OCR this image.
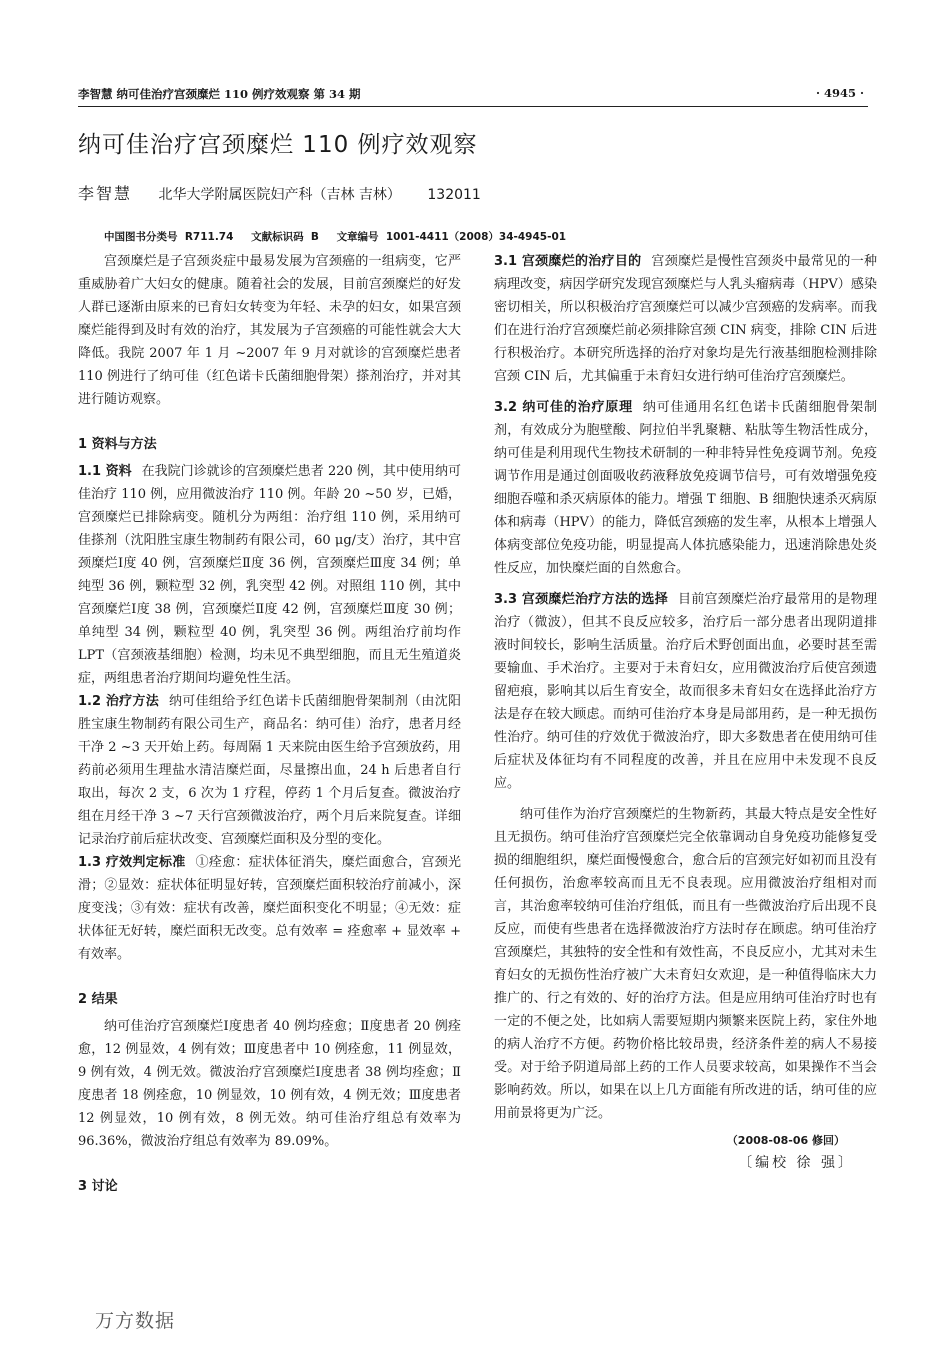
李智慧 纳可佳治疗宫颈糜烂 110 例疗效观察 第 34 期	· 4945 ·
纳可佳治疗宫颈糜烂 110 例疗效观察
李智慧 北华大学附属医院妇产科（吉林 吉林） 132011
中国图书分类号 R711.74 文献标识码 B 文章编号 1001-4411（2008）34-4945-01

宫颈糜烂是子宫颈炎症中最易发展为宫颈癌的一组病变，它严重威胁着广大妇女的健康。随着社会的发展，目前宫颈糜烂的好发人群已逐渐由原来的已育妇女转变为年轻、未孕的妇女，如果宫颈糜烂能得到及时有效的治疗，其发展为子宫颈癌的可能性就会大大降低。我院 2007 年 1 月 ~2007 年 9 月对就诊的宫颈糜烂患者 110 例进行了纳可佳（红色诺卡氏菌细胞骨架）搽剂治疗，并对其进行随访观察。

1 资料与方法

1.1 资料 在我院门诊就诊的宫颈糜烂患者 220 例，其中使用纳可佳治疗 110 例，应用微波治疗 110 例。年龄 20 ~50 岁，已婚，宫颈糜烂已排除病变。随机分为两组：治疗组 110 例，采用纳可佳搽剂（沈阳胜宝康生物制药有限公司，60 μg/支）治疗，其中宫颈糜烂Ⅰ度 40 例，宫颈糜烂Ⅱ度 36 例，宫颈糜烂Ⅲ度 34 例；单纯型 36 例，颗粒型 32 例，乳突型 42 例。对照组 110 例，其中宫颈糜烂Ⅰ度 38 例，宫颈糜烂Ⅱ度 42 例，宫颈糜烂Ⅲ度 30 例；单纯型 34 例，颗粒型 40 例，乳突型 36 例。两组治疗前均作 LPT（宫颈液基细胞）检测，均未见不典型细胞，而且无生殖道炎症，两组患者治疗期间均避免性生活。

1.2 治疗方法 纳可佳组给予红色诺卡氏菌细胞骨架制剂（由沈阳胜宝康生物制药有限公司生产，商品名：纳可佳）治疗，患者月经干净 2 ~3 天开始上药。每周隔 1 天来院由医生给予宫颈放药，用药前必须用生理盐水清洁糜烂面，尽量擦出血，24 h 后患者自行取出，每次 2 支，6 次为 1 疗程，停药 1 个月后复查。微波治疗组在月经干净 3 ~7 天行宫颈微波治疗，两个月后来院复查。详细记录治疗前后症状改变、宫颈糜烂面积及分型的变化。

1.3 疗效判定标准 ①痊愈：症状体征消失，糜烂面愈合，宫颈光滑；②显效：症状体征明显好转，宫颈糜烂面积较治疗前减小，深度变浅；③有效：症状有改善，糜烂面积变化不明显；④无效：症状体征无好转，糜烂面积无改变。总有效率 = 痊愈率 + 显效率 + 有效率。

2 结果

纳可佳治疗宫颈糜烂Ⅰ度患者 40 例均痊愈；Ⅱ度患者 20 例痊愈，12 例显效，4 例有效；Ⅲ度患者中 10 例痊愈，11 例显效，9 例有效，4 例无效。微波治疗宫颈糜烂Ⅰ度患者 38 例均痊愈；Ⅱ度患者 18 例痊愈，10 例显效，10 例有效，4 例无效；Ⅲ度患者 12 例显效，10 例有效，8 例无效。纳可佳治疗组总有效率为 96.36%，微波治疗组总有效率为 89.09%。

3 讨论

3.1 宫颈糜烂的治疗目的 宫颈糜烂是慢性宫颈炎中最常见的一种病理改变，病因学研究发现宫颈糜烂与人乳头瘤病毒（HPV）感染密切相关，所以积极治疗宫颈糜烂可以减少宫颈癌的发病率。而我们在进行治疗宫颈糜烂前必须排除宫颈 CIN 病变，排除 CIN 后进行积极治疗。本研究所选择的治疗对象均是先行液基细胞检测排除宫颈 CIN 后，尤其偏重于未育妇女进行纳可佳治疗宫颈糜烂。

3.2 纳可佳的治疗原理 纳可佳通用名红色诺卡氏菌细胞骨架制剂，有效成分为胞壁酸、阿拉伯半乳聚糖、粘肽等生物活性成分，纳可佳是利用现代生物技术研制的一种非特异性免疫调节剂。免疫调节作用是通过创面吸收药液释放免疫调节信号，可有效增强免疫细胞吞噬和杀灭病原体的能力。增强 T 细胞、B 细胞快速杀灭病原体和病毒（HPV）的能力，降低宫颈癌的发生率，从根本上增强人体病变部位免疫功能，明显提高人体抗感染能力，迅速消除患处炎性反应，加快糜烂面的自然愈合。

3.3 宫颈糜烂治疗方法的选择 目前宫颈糜烂治疗最常用的是物理治疗（微波），但其不良反应较多，治疗后一部分患者出现阴道排液时间较长，影响生活质量。治疗后术野创面出血，必要时甚至需要输血、手术治疗。主要对于未育妇女，应用微波治疗后使宫颈遗留疤痕，影响其以后生育安全，故而很多未育妇女在选择此治疗方法是存在较大顾虑。而纳可佳治疗本身是局部用药，是一种无损伤性治疗。纳可佳的疗效优于微波治疗，即大多数患者在使用纳可佳后症状及体征均有不同程度的改善，并且在应用中未发现不良反应。

纳可佳作为治疗宫颈糜烂的生物新药，其最大特点是安全性好且无损伤。纳可佳治疗宫颈糜烂完全依靠调动自身免疫功能修复受损的细胞组织，糜烂面慢慢愈合，愈合后的宫颈完好如初而且没有任何损伤，治愈率较高而且无不良表现。应用微波治疗组相对而言，其治愈率较纳可佳治疗组低，而且有一些微波治疗后出现不良反应，而使有些患者在选择微波治疗方法时存在顾虑。纳可佳治疗宫颈糜烂，其独特的安全性和有效性高，不良反应小，尤其对未生育妇女的无损伤性治疗被广大未育妇女欢迎，是一种值得临床大力推广的、行之有效的、好的治疗方法。但是应用纳可佳治疗时也有一定的不便之处，比如病人需要短期内频繁来医院上药，家住外地的病人治疗不方便。药物价格比较昂贵，经济条件差的病人不易接受。对于给予阴道局部上药的工作人员要求较高，如果操作不当会影响药效。所以，如果在以上几方面能有所改进的话，纳可佳的应用前景将更为广泛。

（2008-08-06 修回）
〔编校 徐 强〕
万方数据
